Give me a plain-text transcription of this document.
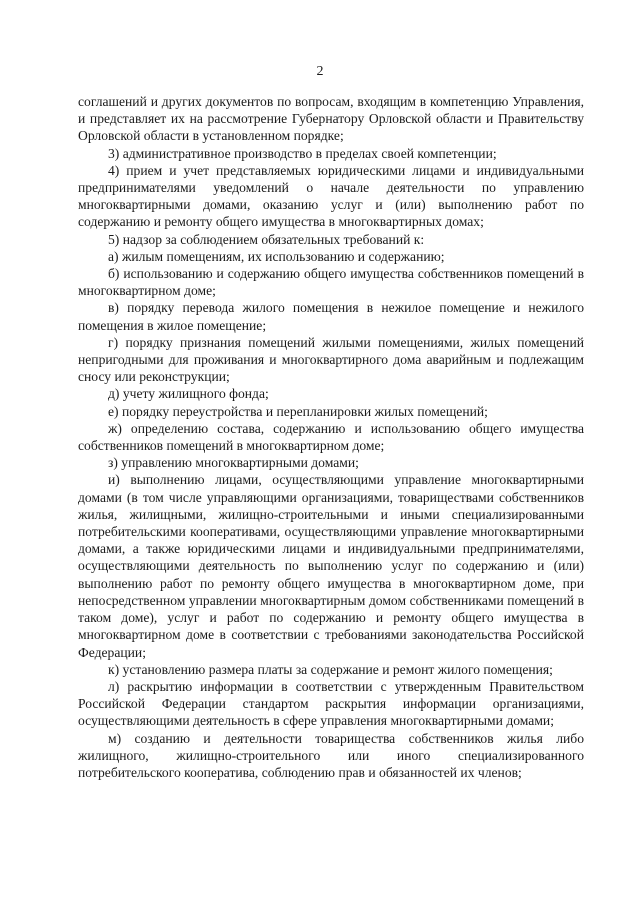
2

соглашений и других документов по вопросам, входящим в компетенцию Управления, и представляет их на рассмотрение Губернатору Орловской области и Правительству Орловской области в установленном порядке;

3) административное производство в пределах своей компетенции;

4) прием и учет представляемых юридическими лицами и индивидуальными предпринимателями уведомлений о начале деятельности по управлению многоквартирными домами, оказанию услуг и (или) выполнению работ по содержанию и ремонту общего имущества в многоквартирных домах;

5) надзор за соблюдением обязательных требований к:

а) жилым помещениям, их использованию и содержанию;

б) использованию и содержанию общего имущества собственников помещений в многоквартирном доме;

в) порядку перевода жилого помещения в нежилое помещение и нежилого помещения в жилое помещение;

г) порядку признания помещений жилыми помещениями, жилых помещений непригодными для проживания и многоквартирного дома аварийным и подлежащим сносу или реконструкции;

д) учету жилищного фонда;

е) порядку переустройства и перепланировки жилых помещений;

ж) определению состава, содержанию и использованию общего имущества собственников помещений в многоквартирном доме;

з) управлению многоквартирными домами;

и) выполнению лицами, осуществляющими управление многоквартирными домами (в том числе управляющими организациями, товариществами собственников жилья, жилищными, жилищно-строительными и иными специализированными потребительскими кооперативами, осуществляющими управление многоквартирными домами, а также юридическими лицами и индивидуальными предпринимателями, осуществляющими деятельность по выполнению услуг по содержанию и (или) выполнению работ по ремонту общего имущества в многоквартирном доме, при непосредственном управлении многоквартирным домом собственниками помещений в таком доме), услуг и работ по содержанию и ремонту общего имущества в многоквартирном доме в соответствии с требованиями законодательства Российской Федерации;

к) установлению размера платы за содержание и ремонт жилого помещения;

л) раскрытию информации в соответствии с утвержденным Правительством Российской Федерации стандартом раскрытия информации организациями, осуществляющими деятельность в сфере управления многоквартирными домами;

м) созданию и деятельности товарищества собственников жилья либо жилищного, жилищно-строительного или иного специализированного потребительского кооператива, соблюдению прав и обязанностей их членов;
